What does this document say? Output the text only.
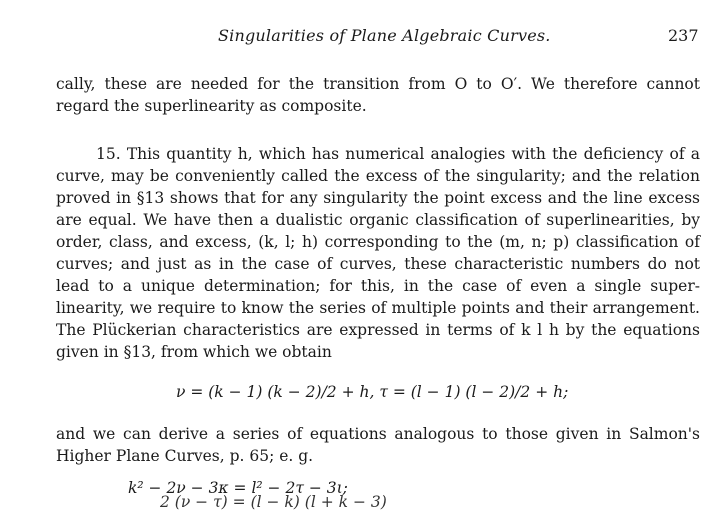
Singularities of Plane Algebraic Curves.	237
cally, these are needed for the transition from O to O′. We therefore cannot
regard the superlinearity as composite.
15. This quantity h, which has numerical analogies with the deficiency of a
curve, may be conveniently called the excess of the singularity; and the relation
proved in §13 shows that for any singularity the point excess and the line excess
are equal. We have then a dualistic organic classification of superlinearities, by
order, class, and excess, (k, l; h) corresponding to the (m, n; p) classification of
curves; and just as in the case of curves, these characteristic numbers do not
lead to a unique determination; for this, in the case of even a single super-
linearity, we require to know the series of multiple points and their arrangement.
The Plückerian characteristics are expressed in terms of k l h by the equations
given in §13, from which we obtain
ν = (k − 1) (k − 2)/2 + h, τ = (l − 1) (l − 2)/2 + h;
and we can derive a series of equations analogous to those given in Salmon's
Higher Plane Curves, p. 65; e. g.
k² − 2ν − 3κ = l² − 2τ − 3ι;
2 (ν − τ) = (l − k) (l + k − 3)
